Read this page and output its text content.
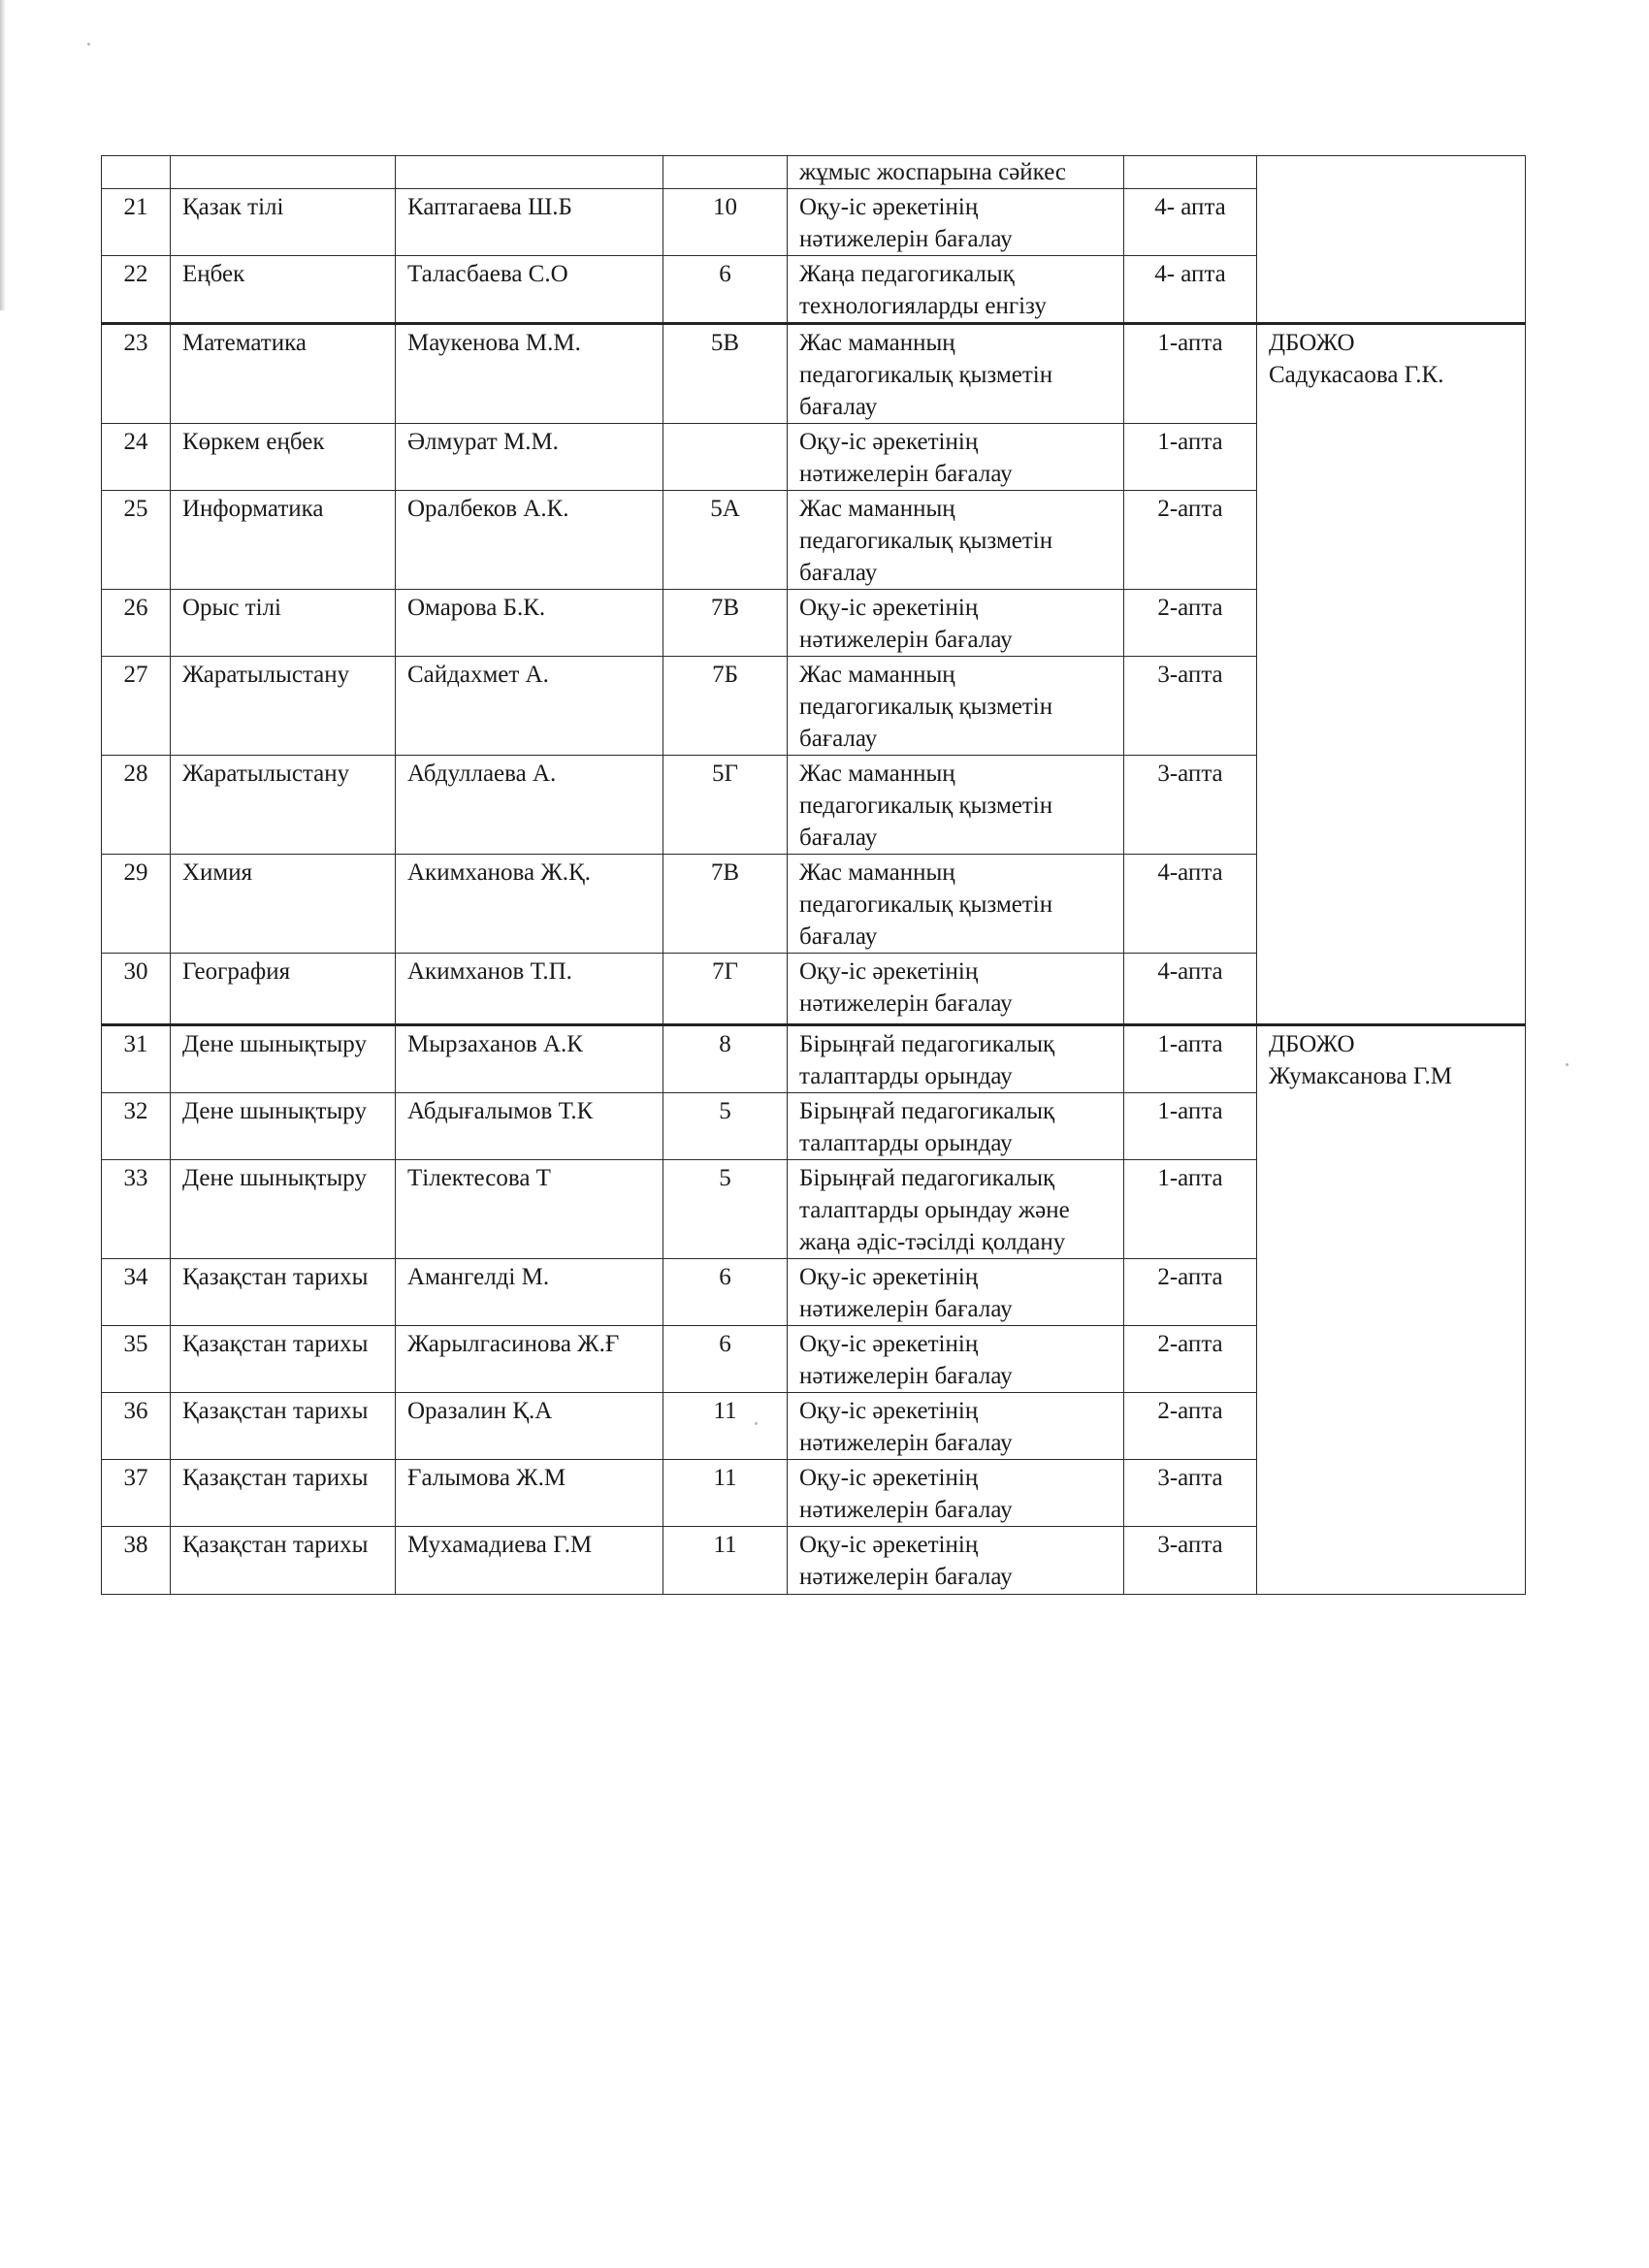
				жұмыс жоспарына сәйкес		
21	Қазак тілі	Каптагаева Ш.Б	10	Оқу-іс әрекетінің нәтижелерін бағалау	4- апта	
22	Еңбек	Таласбаева С.О	6	Жаңа педагогикалық технологияларды енгізу	4- апта	
23	Математика	Маукенова М.М.	5В	Жас маманның педагогикалық қызметін бағалау	1-апта	ДБОЖО
Садукасаова Г.К.

24	Көркем еңбек	Әлмурат М.М.		Оқу-іс әрекетінің нәтижелерін бағалау	1-апта	
25	Информатика	Оралбеков А.К.	5А	Жас маманның педагогикалық қызметін бағалау	2-апта	
26	Орыс тілі	Омарова Б.К.	7В	Оқу-іс әрекетінің нәтижелерін бағалау	2-апта	
27	Жаратылыстану	Сайдахмет А.	7Б	Жас маманның педагогикалық қызметін бағалау	3-апта	
28	Жаратылыстану	Абдуллаева А.	5Г	Жас маманның педагогикалық қызметін бағалау	3-апта	
29	Химия	Акимханова Ж.Қ.	7В	Жас маманның педагогикалық қызметін бағалау	4-апта	
30	География	Акимханов Т.П.	7Г	Оқу-іс әрекетінің нәтижелерін бағалау	4-апта	
31	Дене шынықтыру	Мырзаханов А.К	8	Бірыңғай педагогикалық талаптарды орындау	1-апта	ДБОЖО
Жумаксанова Г.М

32	Дене шынықтыру	Абдығалымов Т.К	5	Бірыңғай педагогикалық талаптарды орындау	1-апта	
33	Дене шынықтыру	Тілектесова Т	5	Бірыңғай педагогикалық талаптарды орындау және жаңа әдіс-тәсілді қолдану	1-апта	
34	Қазақстан тарихы	Амангелді М.	6	Оқу-іс әрекетінің нәтижелерін бағалау	2-апта	
35	Қазақстан тарихы	Жарылгасинова Ж.Ғ	6	Оқу-іс әрекетінің нәтижелерін бағалау	2-апта	
36	Қазақстан тарихы	Оразалин Қ.А	11	Оқу-іс әрекетінің нәтижелерін бағалау	2-апта	
37	Қазақстан тарихы	Ғалымова Ж.М	11	Оқу-іс әрекетінің нәтижелерін бағалау	3-апта	
38	Қазақстан тарихы	Мухамадиева Г.М	11	Оқу-іс әрекетінің нәтижелерін бағалау	3-апта	
